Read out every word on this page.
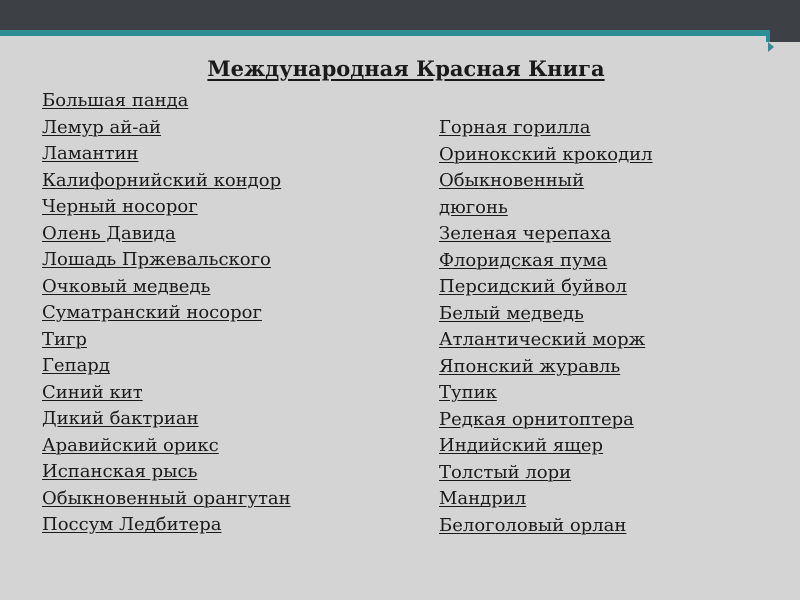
Международная Красная Книга
Большая панда
Лемур ай-ай
Ламантин
Калифорнийский кондор
Черный носорог
Олень Давида
Лошадь Пржевальского
Очковый медведь
Суматранский носорог
Тигр
Гепард
Синий кит
Дикий бактриан
Аравийский орикс
Испанская рысь
Обыкновенный орангутан
Поссум Ледбитера
Горная горилла
Оринокский крокодил
Обыкновенный
дюгонь
Зеленая черепаха
Флоридская пума
Персидский буйвол
Белый медведь
Атлантический морж
Японский журавль
Тупик
Редкая орнитоптера
Индийский ящер
Толстый лори
Мандрил
Белоголовый орлан
